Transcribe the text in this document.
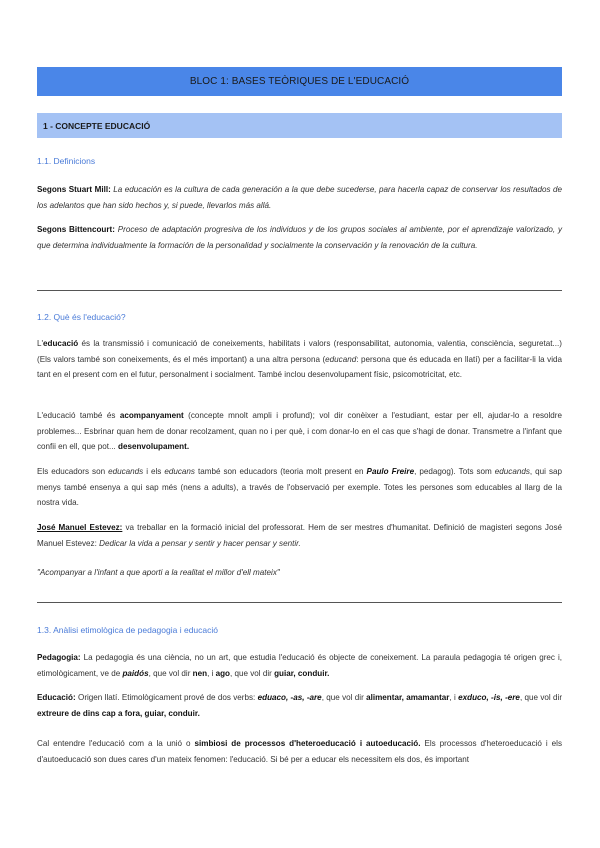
BLOC 1: BASES TEÒRIQUES DE L'EDUCACIÓ
1 - CONCEPTE EDUCACIÓ
1.1. Definicions
Segons Stuart Mill: La educación es la cultura de cada generación a la que debe sucederse, para hacerla capaz de conservar los resultados de los adelantos que han sido hechos y, si puede, llevarlos más allá.
Segons Bittencourt: Proceso de adaptación progresiva de los individuos y de los grupos sociales al ambiente, por el aprendizaje valorizado, y que determina individualmente la formación de la personalidad y socialmente la conservación y la renovación de la cultura.
1.2. Què és l'educació?
L'educació és la transmissió i comunicació de coneixements, habilitats i valors (responsabilitat, autonomia, valentia, consciència, seguretat...) (Els valors també son coneixements, és el més important) a una altra persona (educand: persona que és educada en llatí) per a facilitar-li la vida tant en el present com en el futur, personalment i socialment. També inclou desenvolupament físic, psicomotricitat, etc.
L'educació també és acompanyament (concepte mnolt ampli i profund); vol dir conèixer a l'estudiant, estar per ell, ajudar-lo a resoldre problemes... Esbrinar quan hem de donar recolzament, quan no i per què, i com donar-lo en el cas que s'hagi de donar. Transmetre a l'infant que confii en ell, que pot... desenvolupament.
Els educadors son educands i els educans també son educadors (teoria molt present en Paulo Freire, pedagog). Tots som educands, qui sap menys també ensenya a qui sap més (nens a adults), a través de l'observació per exemple. Totes les persones som educables al llarg de la nostra vida.
José Manuel Estevez: va treballar en la formació inicial del professorat. Hem de ser mestres d'humanitat. Definició de magisteri segons José Manuel Estevez: Dedicar la vida a pensar y sentir y hacer pensar y sentir.
"Acompanyar a l'infant a que aporti a la realitat el millor d'ell mateix"
1.3. Anàlisi etimològica de pedagogia i educació
Pedagogia: La pedagogia és una ciència, no un art, que estudia l'educació és objecte de coneixement. La paraula pedagogia té origen grec i, etimològicament, ve de paidós, que vol dir nen, i ago, que vol dir guiar, conduir.
Educació: Origen llatí. Etimològicament prové de dos verbs: eduaco, -as, -are, que vol dir alimentar, amamantar, i exduco, -is, -ere, que vol dir extreure de dins cap a fora, guiar, conduir.
Cal entendre l'educació com a la unió o simbiosi de processos d'heteroeducació i autoeducació. Els processos d'heteroeducació i els d'autoeducació son dues cares d'un mateix fenomen: l'educació. Si bé per a educar els necessitem els dos, és important
